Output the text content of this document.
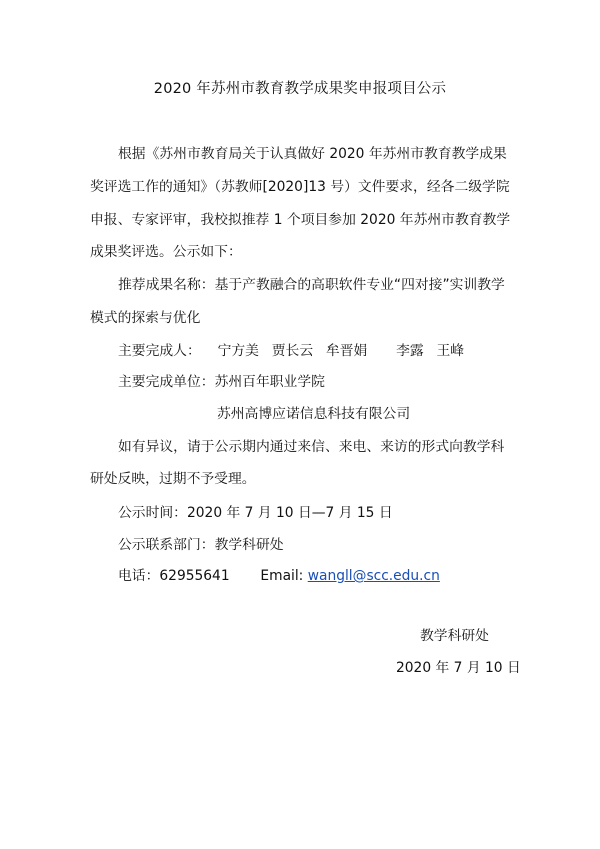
2020 年苏州市教育教学成果奖申报项目公示
根据《苏州市教育局关于认真做好 2020 年苏州市教育教学成果
奖评选工作的通知》（苏教师[2020]13 号）文件要求，经各二级学院
申报、专家评审，我校拟推荐 1 个项目参加 2020 年苏州市教育教学
成果奖评选。公示如下：
推荐成果名称：基于产教融合的高职软件专业“四对接”实训教学
模式的探索与优化
主要完成人： 宁方美 贾长云 牟晋娟 李露 王峰
主要完成单位：苏州百年职业学院
苏州高博应诺信息科技有限公司
如有异议，请于公示期内通过来信、来电、来访的形式向教学科
研处反映，过期不予受理。
公示时间：2020 年 7 月 10 日—7 月 15 日
公示联系部门：教学科研处
电话：62955641 Email: wangll@scc.edu.cn
教学科研处
2020 年 7 月 10 日
